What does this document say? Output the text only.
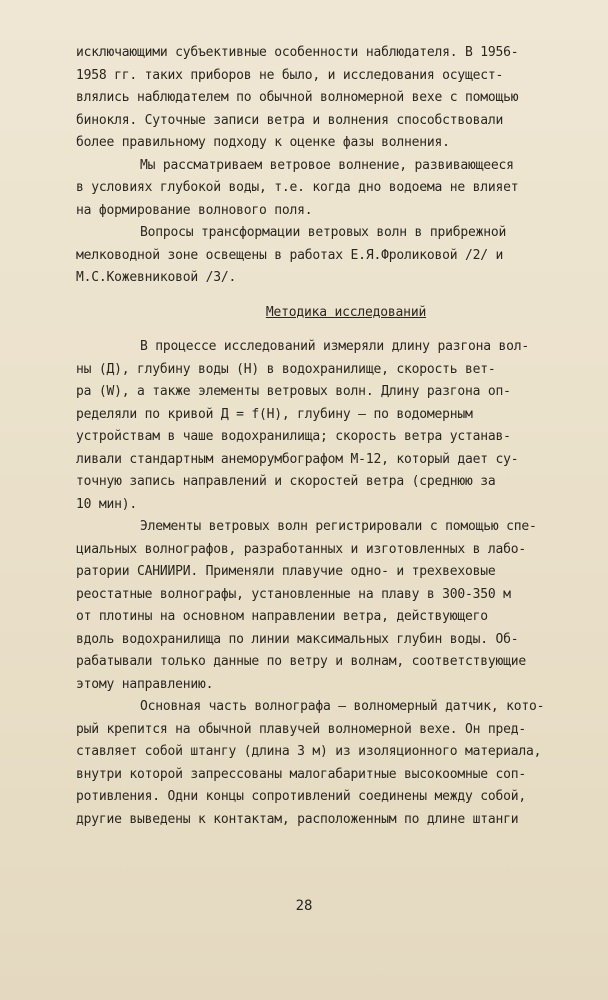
исключающими субъективные особенности наблюдателя. В 1956-
1958 гг. таких приборов не было, и исследования осущест-
влялись наблюдателем по обычной волномерной вехе с помощью
бинокля. Суточные записи ветра и волнения способствовали
более правильному подходу к оценке фазы волнения.

Мы рассматриваем ветровое волнение, развивающееся
в условиях глубокой воды, т.е. когда дно водоема не влияет
на формирование волнового поля.

Вопросы трансформации ветровых волн в прибрежной
мелководной зоне освещены в работах Е.Я.Фроликовой /2/ и
М.С.Кожевниковой /3/.

Методика исследований

В процессе исследований измеряли длину разгона вол-
ны (Д), глубину воды (H) в водохранилище, скорость вет-
ра (W), а также элементы ветровых волн. Длину разгона оп-
ределяли по кривой Д = f(H), глубину – по водомерным
устройствам в чаше водохранилища; скорость ветра устанав-
ливали стандартным анеморумбографом М-12, который дает су-
точную запись направлений и скоростей ветра (среднюю за
10 мин).

Элементы ветровых волн регистрировали с помощью спе-
циальных волнографов, разработанных и изготовленных в лабо-
ратории САНИИРИ. Применяли плавучие одно- и трехвеховые
реостатные волнографы, установленные на плаву в 300-350 м
от плотины на основном направлении ветра, действующего
вдоль водохранилища по линии максимальных глубин воды. Об-
рабатывали только данные по ветру и волнам, соответствующие
этому направлению.

Основная часть волнографа – волномерный датчик, кото-
рый крепится на обычной плавучей волномерной вехе. Он пред-
ставляет собой штангу (длина 3 м) из изоляционного материала,
внутри которой запрессованы малогабаритные высокоомные соп-
ротивления. Одни концы сопротивлений соединены между собой,
другие выведены к контактам, расположенным по длине штанги

28
